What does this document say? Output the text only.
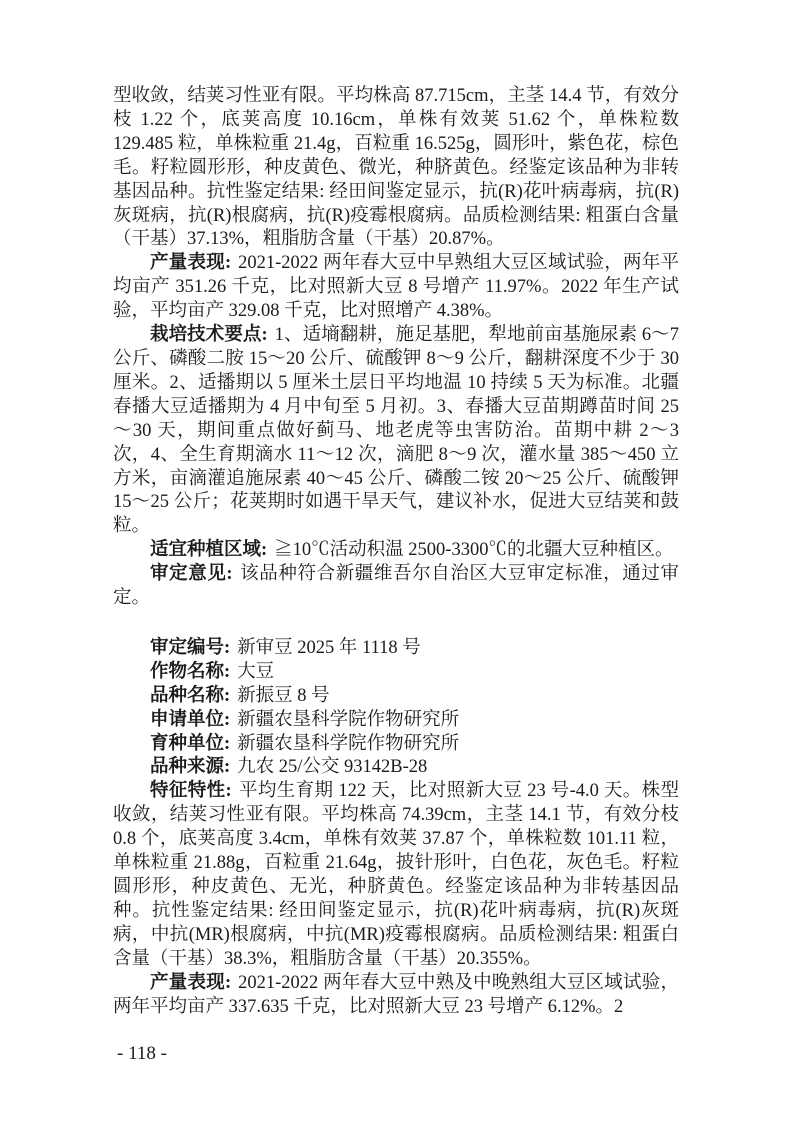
型收敛，结荚习性亚有限。平均株高 87.715cm，主茎 14.4 节，有效分枝 1.22 个，底荚高度 10.16cm，单株有效荚 51.62 个，单株粒数 129.485 粒，单株粒重 21.4g，百粒重 16.525g，圆形叶，紫色花，棕色毛。籽粒圆形形，种皮黄色、微光，种脐黄色。经鉴定该品种为非转基因品种。抗性鉴定结果: 经田间鉴定显示，抗(R)花叶病毒病，抗(R)灰斑病，抗(R)根腐病，抗(R)疫霉根腐病。品质检测结果: 粗蛋白含量（干基）37.13%，粗脂肪含量（干基）20.87%。

产量表现: 2021-2022 两年春大豆中早熟组大豆区域试验，两年平均亩产 351.26 千克，比对照新大豆 8 号增产 11.97%。2022 年生产试验，平均亩产 329.08 千克，比对照增产 4.38%。

栽培技术要点: 1、适墒翻耕，施足基肥，犁地前亩基施尿素 6～7 公斤、磷酸二胺 15～20 公斤、硫酸钾 8～9 公斤，翻耕深度不少于 30 厘米。2、适播期以 5 厘米土层日平均地温 10 持续 5 天为标准。北疆春播大豆适播期为 4 月中旬至 5 月初。3、春播大豆苗期蹲苗时间 25～30 天，期间重点做好蓟马、地老虎等虫害防治。苗期中耕 2～3 次，4、全生育期滴水 11～12 次，滴肥 8～9 次，灌水量 385～450 立方米，亩滴灌追施尿素 40～45 公斤、磷酸二铵 20～25 公斤、硫酸钾 15～25 公斤；花荚期时如遇干旱天气，建议补水，促进大豆结荚和鼓粒。

适宜种植区域: ≧10℃活动积温 2500-3300℃的北疆大豆种植区。

审定意见: 该品种符合新疆维吾尔自治区大豆审定标准，通过审定。

审定编号: 新审豆 2025 年 1118 号

作物名称: 大豆

品种名称: 新振豆 8 号

申请单位: 新疆农垦科学院作物研究所

育种单位: 新疆农垦科学院作物研究所

品种来源: 九农 25/公交 93142B-28

特征特性: 平均生育期 122 天，比对照新大豆 23 号-4.0 天。株型收敛，结荚习性亚有限。平均株高 74.39cm，主茎 14.1 节，有效分枝 0.8 个，底荚高度 3.4cm，单株有效荚 37.87 个，单株粒数 101.11 粒，单株粒重 21.88g，百粒重 21.64g，披针形叶，白色花，灰色毛。籽粒圆形形，种皮黄色、无光，种脐黄色。经鉴定该品种为非转基因品种。抗性鉴定结果: 经田间鉴定显示，抗(R)花叶病毒病，抗(R)灰斑病，中抗(MR)根腐病，中抗(MR)疫霉根腐病。品质检测结果: 粗蛋白含量（干基）38.3%，粗脂肪含量（干基）20.355%。

产量表现: 2021-2022 两年春大豆中熟及中晚熟组大豆区域试验，两年平均亩产 337.635 千克，比对照新大豆 23 号增产 6.12%。2

- 118 -
